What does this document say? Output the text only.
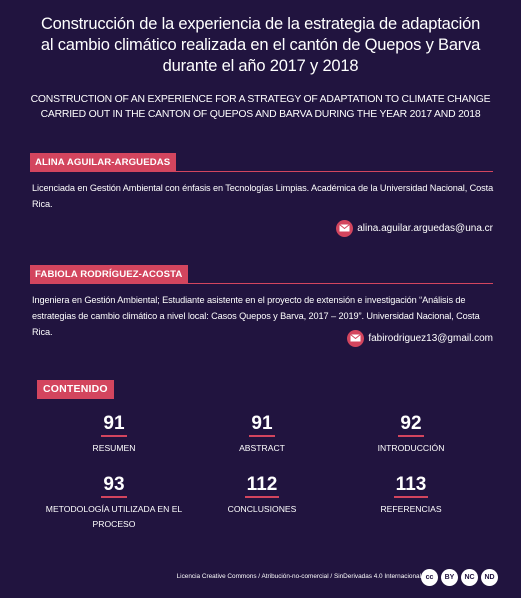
Construcción de la experiencia de la estrategia de adaptación al cambio climático realizada en el cantón de Quepos y Barva durante el año 2017 y 2018
CONSTRUCTION OF AN EXPERIENCE FOR A STRATEGY OF ADAPTATION TO CLIMATE CHANGE CARRIED OUT IN THE CANTON OF QUEPOS AND BARVA DURING THE YEAR 2017 AND 2018
ALINA AGUILAR-ARGUEDAS
Licenciada en Gestión Ambiental con énfasis en Tecnologías Limpias. Académica de la Universidad Nacional, Costa Rica.
alina.aguilar.arguedas@una.cr
FABIOLA RODRÍGUEZ-ACOSTA
Ingeniera en Gestión Ambiental; Estudiante asistente en el proyecto de extensión e investigación “Análisis de estrategias de cambio climático a nivel local: Casos Quepos y Barva, 2017 – 2019”. Universidad Nacional, Costa Rica.
fabirodriguez13@gmail.com
CONTENIDO
91
RESUMEN
91
ABSTRACT
92
INTRODUCCIÓN
93
METODOLOGÍA UTILIZADA EN EL PROCESO
112
CONCLUSIONES
113
REFERENCIAS
Licencia Creative Commons / Atribución-no-comercial / SinDerivadas 4.0 Internacional cc	BY	NC	ND
